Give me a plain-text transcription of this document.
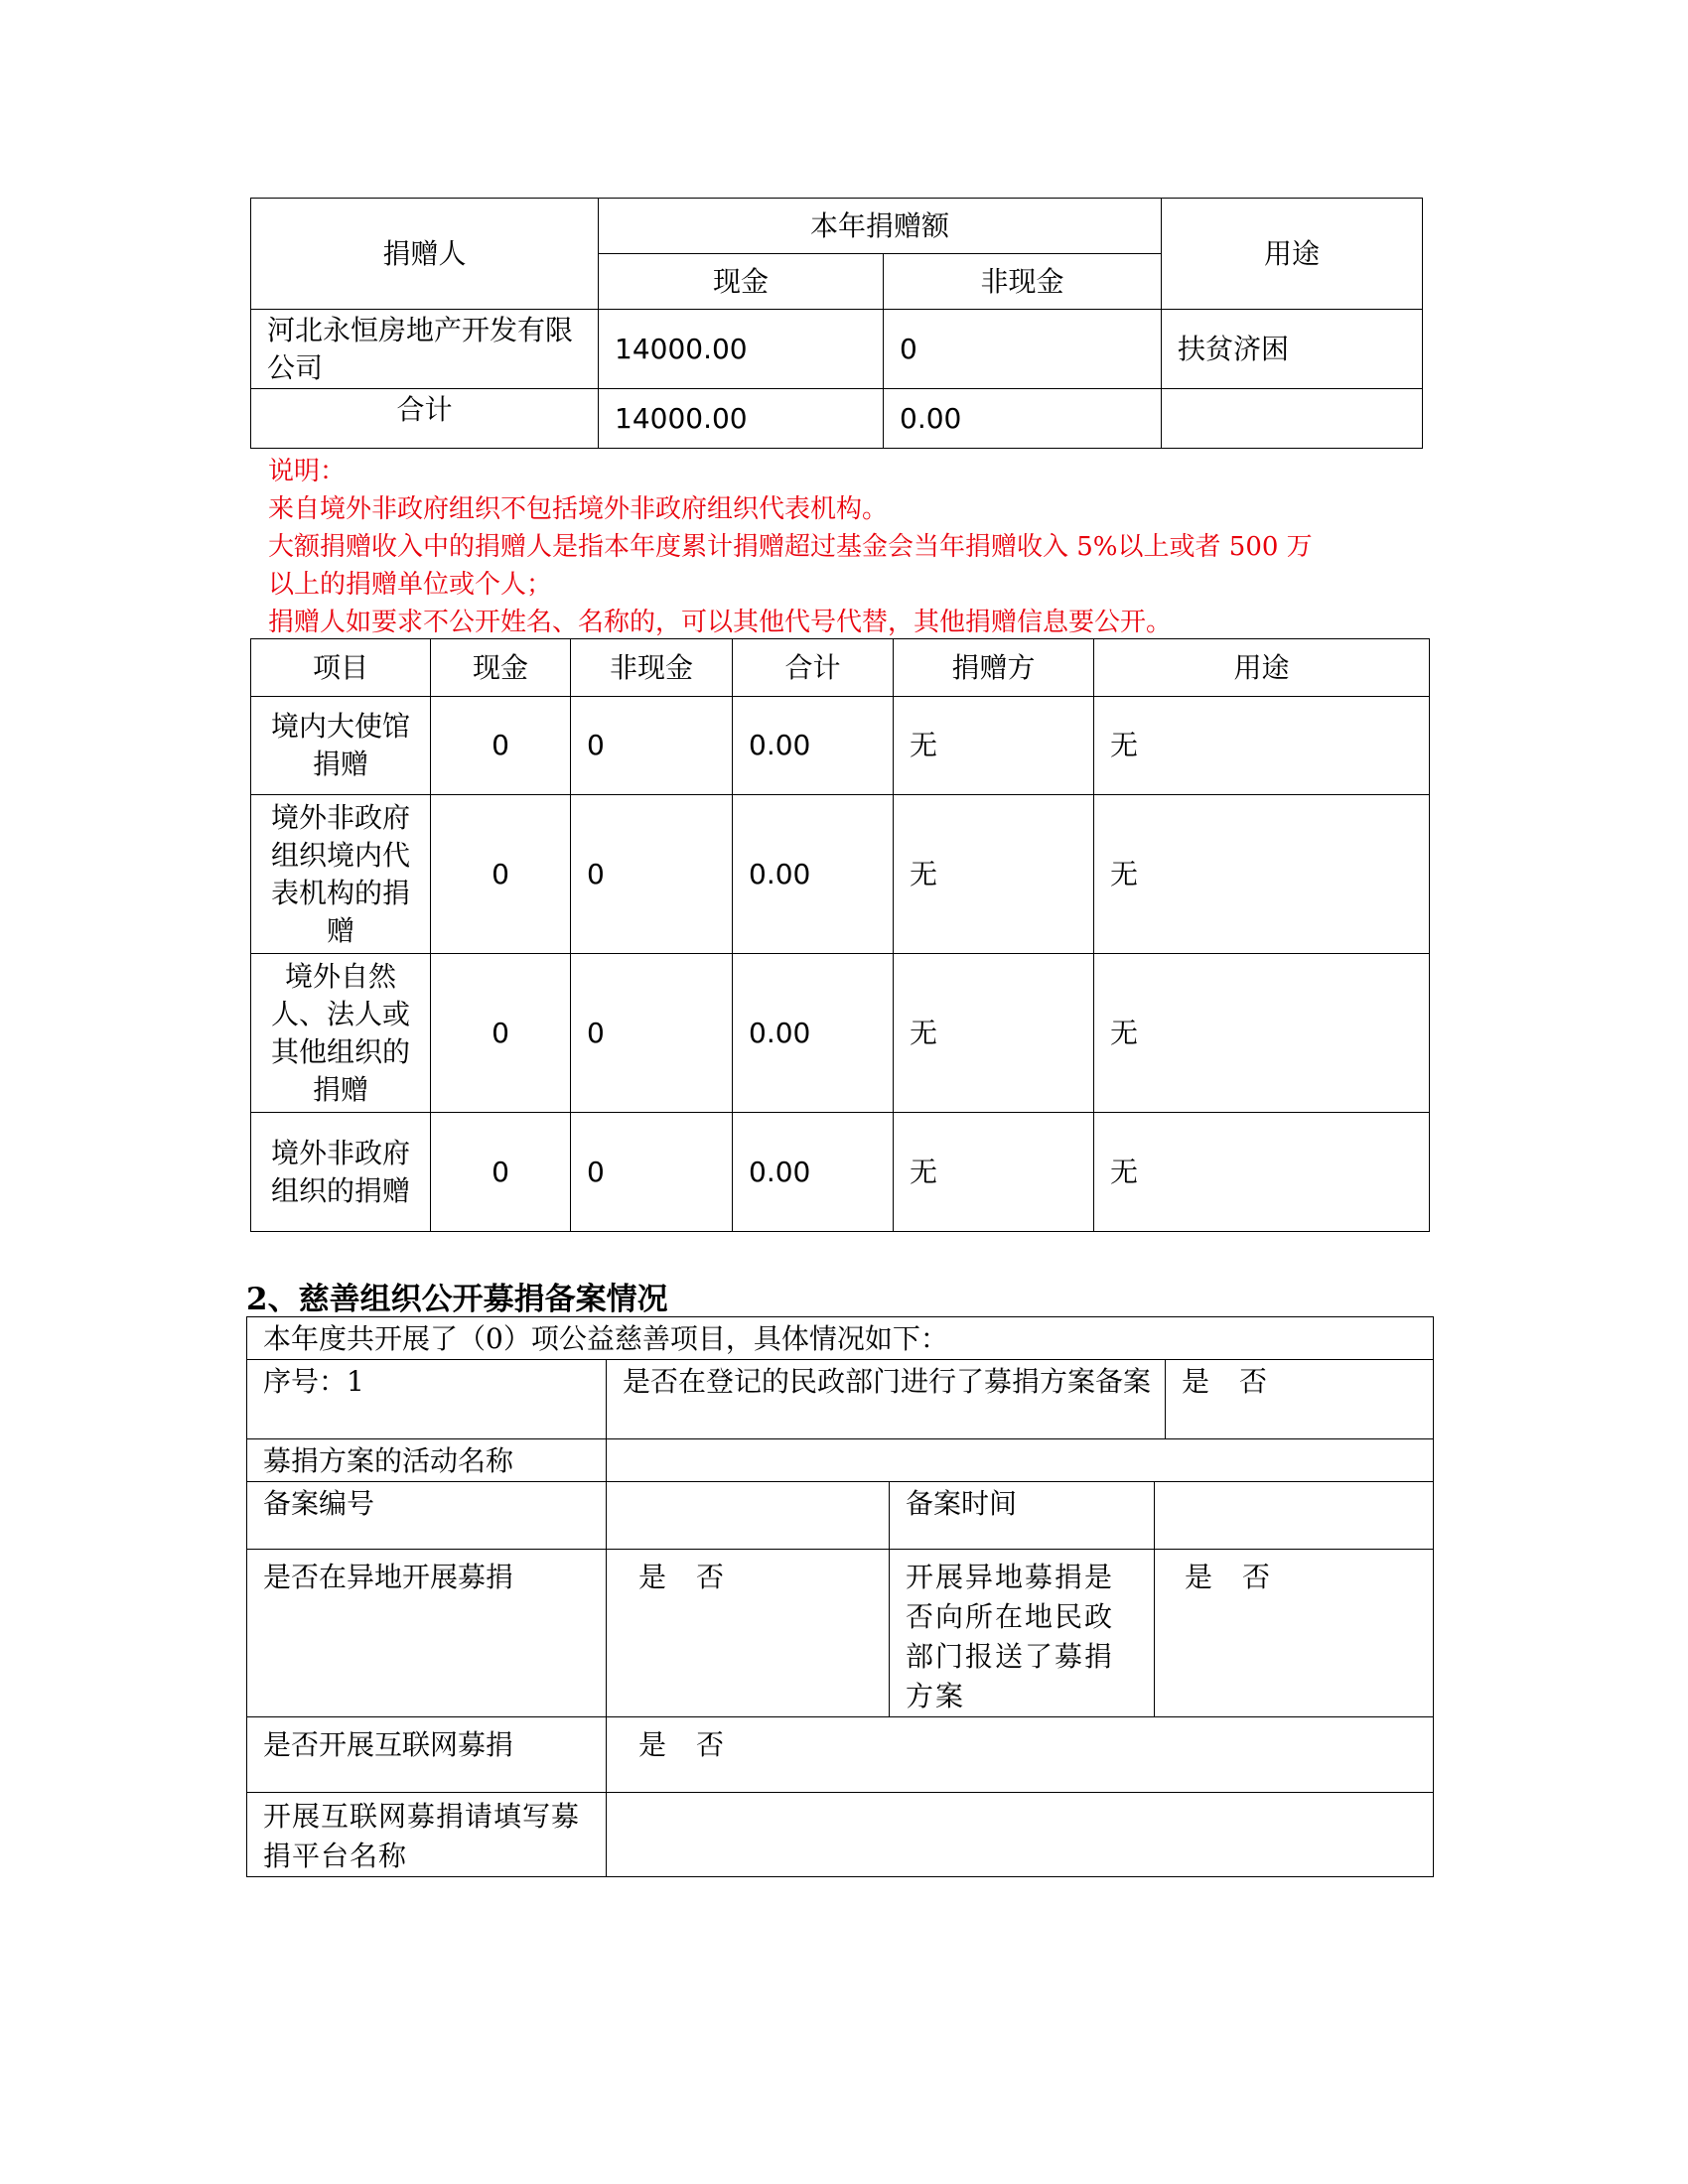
捐赠人	本年捐赠额		用途
	现金	非现金	
河北永恒房地产开发有限公司	14000.00	0	扶贫济困
合计	14000.00	0.00	
说明：
来自境外非政府组织不包括境外非政府组织代表机构。
大额捐赠收入中的捐赠人是指本年度累计捐赠超过基金会当年捐赠收入 5%以上或者 500 万
以上的捐赠单位或个人；
捐赠人如要求不公开姓名、名称的，可以其他代号代替，其他捐赠信息要公开。
项目	现金	非现金	合计	捐赠方	用途
境内大使馆捐赠	0	0	0.00	无	无
境外非政府组织境内代表机构的捐赠	0	0	0.00	无	无
境外自然人、法人或其他组织的捐赠	0	0	0.00	无	无
境外非政府组织的捐赠	0	0	0.00	无	无
2、慈善组织公开募捐备案情况
本年度共开展了（0）项公益慈善项目，具体情况如下：				
序号：1	是否在登记的民政部门进行了募捐方案备案			是 否
募捐方案的活动名称				
备案编号		备案时间		
是否在异地开展募捐	是 否	开展异地募捐是否向所在地民政部门报送了募捐方案	是 否	
是否开展互联网募捐	是 否			
开展互联网募捐请填写募捐平台名称				
